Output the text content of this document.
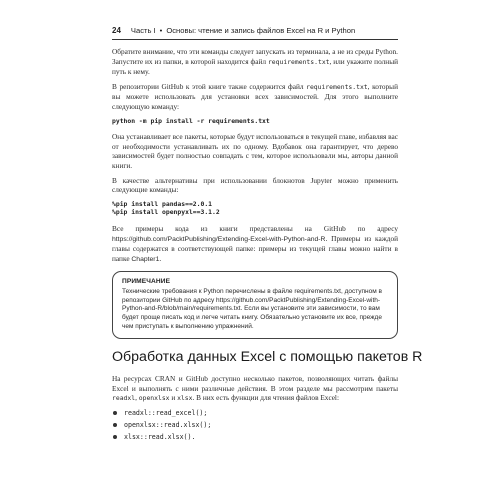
24 Часть I • Основы: чтение и запись файлов Excel на R и Python

Обратите внимание, что эти команды следует запускать из терминала, а не из среды Python. Запустите их из папки, в которой находится файл requirements.txt, или укажите полный путь к нему.

В репозитории GitHub к этой книге также содержится файл requirements.txt, который вы можете использовать для установки всех зависимостей. Для этого выполните следующую команду:

python -m pip install -r requirements.txt

Она устанавливает все пакеты, которые будут использоваться в текущей главе, избавляя вас от необходимости устанавливать их по одному. Вдобавок она гарантирует, что дерево зависимостей будет полностью совпадать с тем, которое использовали мы, авторы данной книги.

В качестве альтернативы при использовании блокнотов Jupyter можно применить следующие команды:

%pip install pandas==2.0.1
%pip install openpyxl==3.1.2

Все примеры кода из книги представлены на GitHub по адресу https://github.com/PacktPublishing/Extending-Excel-with-Python-and-R. Примеры из каждой главы содержатся в соответствующей папке: примеры из текущей главы можно найти в папке Chapter1.

ПРИМЕЧАНИЕ
Технические требования к Python перечислены в файле requirements.txt, доступном в репозитории GitHub по адресу https://github.com/PacktPublishing/Extending-Excel-with-Python-and-R/blob/main/requirements.txt. Если вы установите эти зависимости, то вам будет проще писать код и легче читать книгу. Обязательно установите их все, прежде чем приступать к выполнению упражнений.
Обработка данных Excel с помощью пакетов R

На ресурсах CRAN и GitHub доступно несколько пакетов, позволяющих читать файлы Excel и выполнять с ними различные действия. В этом разделе мы рассмотрим пакеты readxl, openxlsx и xlsx. В них есть функции для чтения файлов Excel:

readxl::read_excel();
openxlsx::read.xlsx();
xlsx::read.xlsx().
